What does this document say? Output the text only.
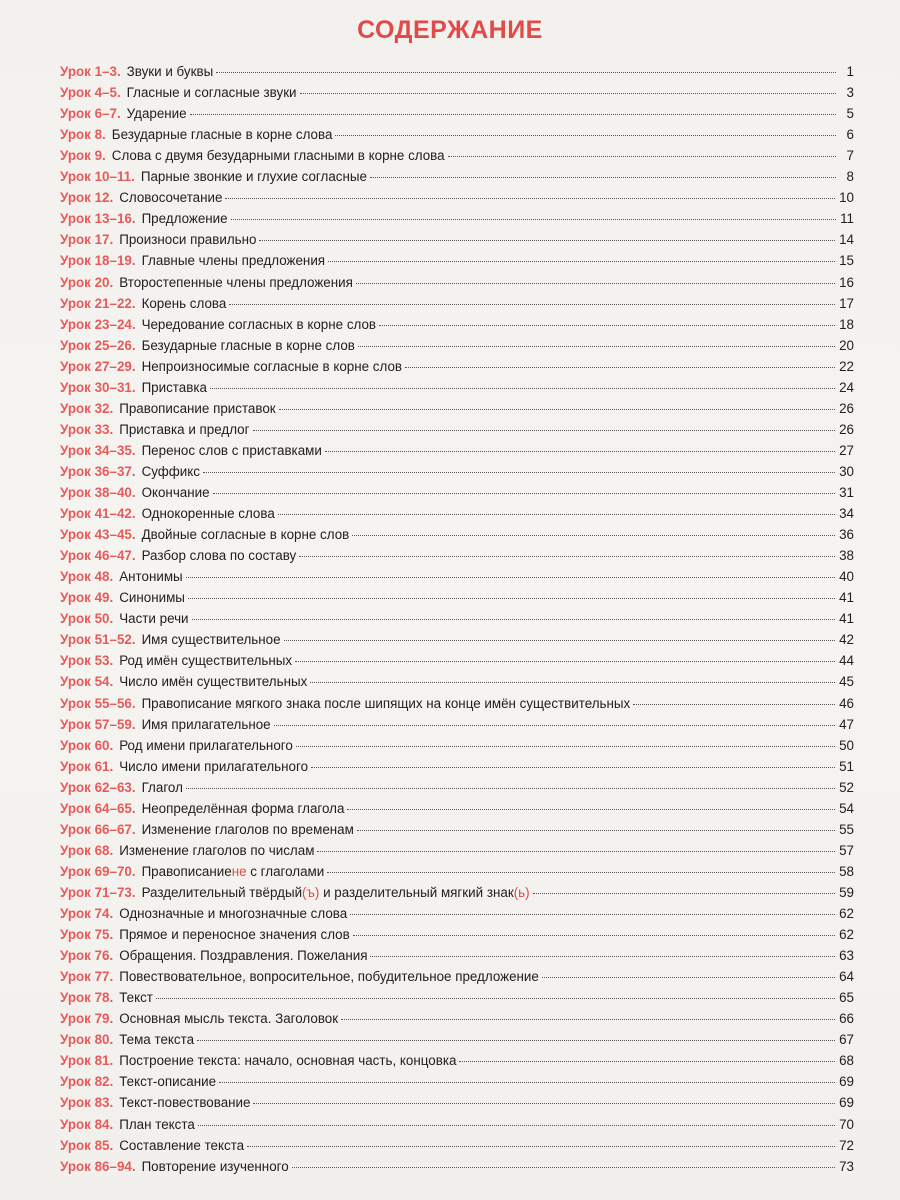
СОДЕРЖАНИЕ
Урок 1–3. Звуки и буквы	1
Урок 4–5. Гласные и согласные звуки	3
Урок 6–7. Ударение	5
Урок 8. Безударные гласные в корне слова	6
Урок 9. Слова с двумя безударными гласными в корне слова	7
Урок 10–11. Парные звонкие и глухие согласные	8
Урок 12. Словосочетание	10
Урок 13–16. Предложение	11
Урок 17. Произноси правильно	14
Урок 18–19. Главные члены предложения	15
Урок 20. Второстепенные члены предложения	16
Урок 21–22. Корень слова	17
Урок 23–24. Чередование согласных в корне слов	18
Урок 25–26. Безударные гласные в корне слов	20
Урок 27–29. Непроизносимые согласные в корне слов	22
Урок 30–31. Приставка	24
Урок 32. Правописание приставок	26
Урок 33. Приставка и предлог	26
Урок 34–35. Перенос слов с приставками	27
Урок 36–37. Суффикс	30
Урок 38–40. Окончание	31
Урок 41–42. Однокоренные слова	34
Урок 43–45. Двойные согласные в корне слов	36
Урок 46–47. Разбор слова по составу	38
Урок 48. Антонимы	40
Урок 49. Синонимы	41
Урок 50. Части речи	41
Урок 51–52. Имя существительное	42
Урок 53. Род имён существительных	44
Урок 54. Число имён существительных	45
Урок 55–56. Правописание мягкого знака после шипящих на конце имён существительных	46
Урок 57–59. Имя прилагательное	47
Урок 60. Род имени прилагательного	50
Урок 61. Число имени прилагательного	51
Урок 62–63. Глагол	52
Урок 64–65. Неопределённая форма глагола	54
Урок 66–67. Изменение глаголов по временам	55
Урок 68. Изменение глаголов по числам	57
Урок 69–70. Правописаниене с глаголами	58
Урок 71–73. Разделительный твёрдый(ъ) и разделительный мягкий знак(ь)	59
Урок 74. Однозначные и многозначные слова	62
Урок 75. Прямое и переносное значения слов	62
Урок 76. Обращения. Поздравления. Пожелания	63
Урок 77. Повествовательное, вопросительное, побудительное предложение	64
Урок 78. Текст	65
Урок 79. Основная мысль текста. Заголовок	66
Урок 80. Тема текста	67
Урок 81. Построение текста: начало, основная часть, концовка	68
Урок 82. Текст-описание	69
Урок 83. Текст-повествование	69
Урок 84. План текста	70
Урок 85. Составление текста	72
Урок 86–94. Повторение изученного	73
